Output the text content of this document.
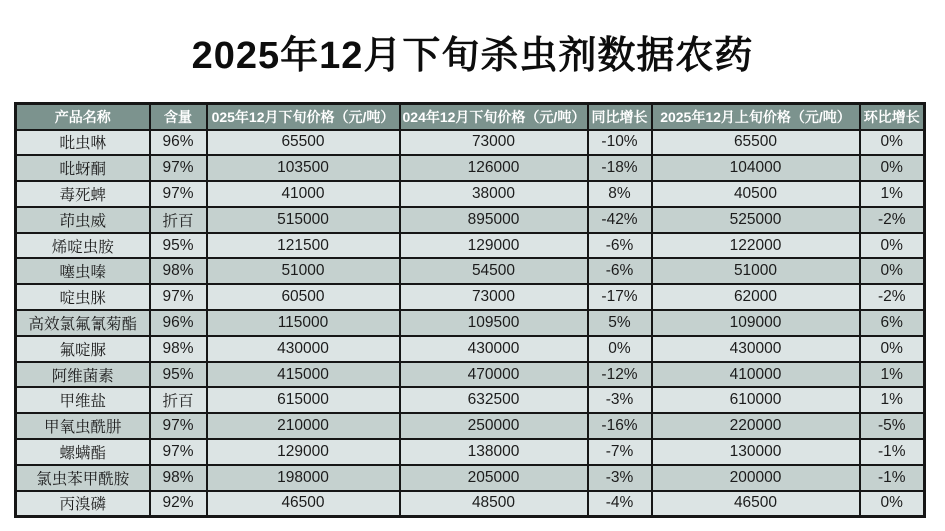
2025年12月下旬杀虫剂数据农药
产品名称	含量	025年12月下旬价格（元/吨）	024年12月下旬价格（元/吨）	同比增长	2025年12月上旬价格（元/吨）	环比增长
吡虫啉	96%	65500	73000	-10%	65500	0%
吡蚜酮	97%	103500	126000	-18%	104000	0%
毒死蜱	97%	41000	38000	8%	40500	1%
茚虫威	折百	515000	895000	-42%	525000	-2%
烯啶虫胺	95%	121500	129000	-6%	122000	0%
噻虫嗪	98%	51000	54500	-6%	51000	0%
啶虫脒	97%	60500	73000	-17%	62000	-2%
高效氯氟氰菊酯	96%	115000	109500	5%	109000	6%
氟啶脲	98%	430000	430000	0%	430000	0%
阿维菌素	95%	415000	470000	-12%	410000	1%
甲维盐	折百	615000	632500	-3%	610000	1%
甲氧虫酰肼	97%	210000	250000	-16%	220000	-5%
螺螨酯	97%	129000	138000	-7%	130000	-1%
氯虫苯甲酰胺	98%	198000	205000	-3%	200000	-1%
丙溴磷	92%	46500	48500	-4%	46500	0%
